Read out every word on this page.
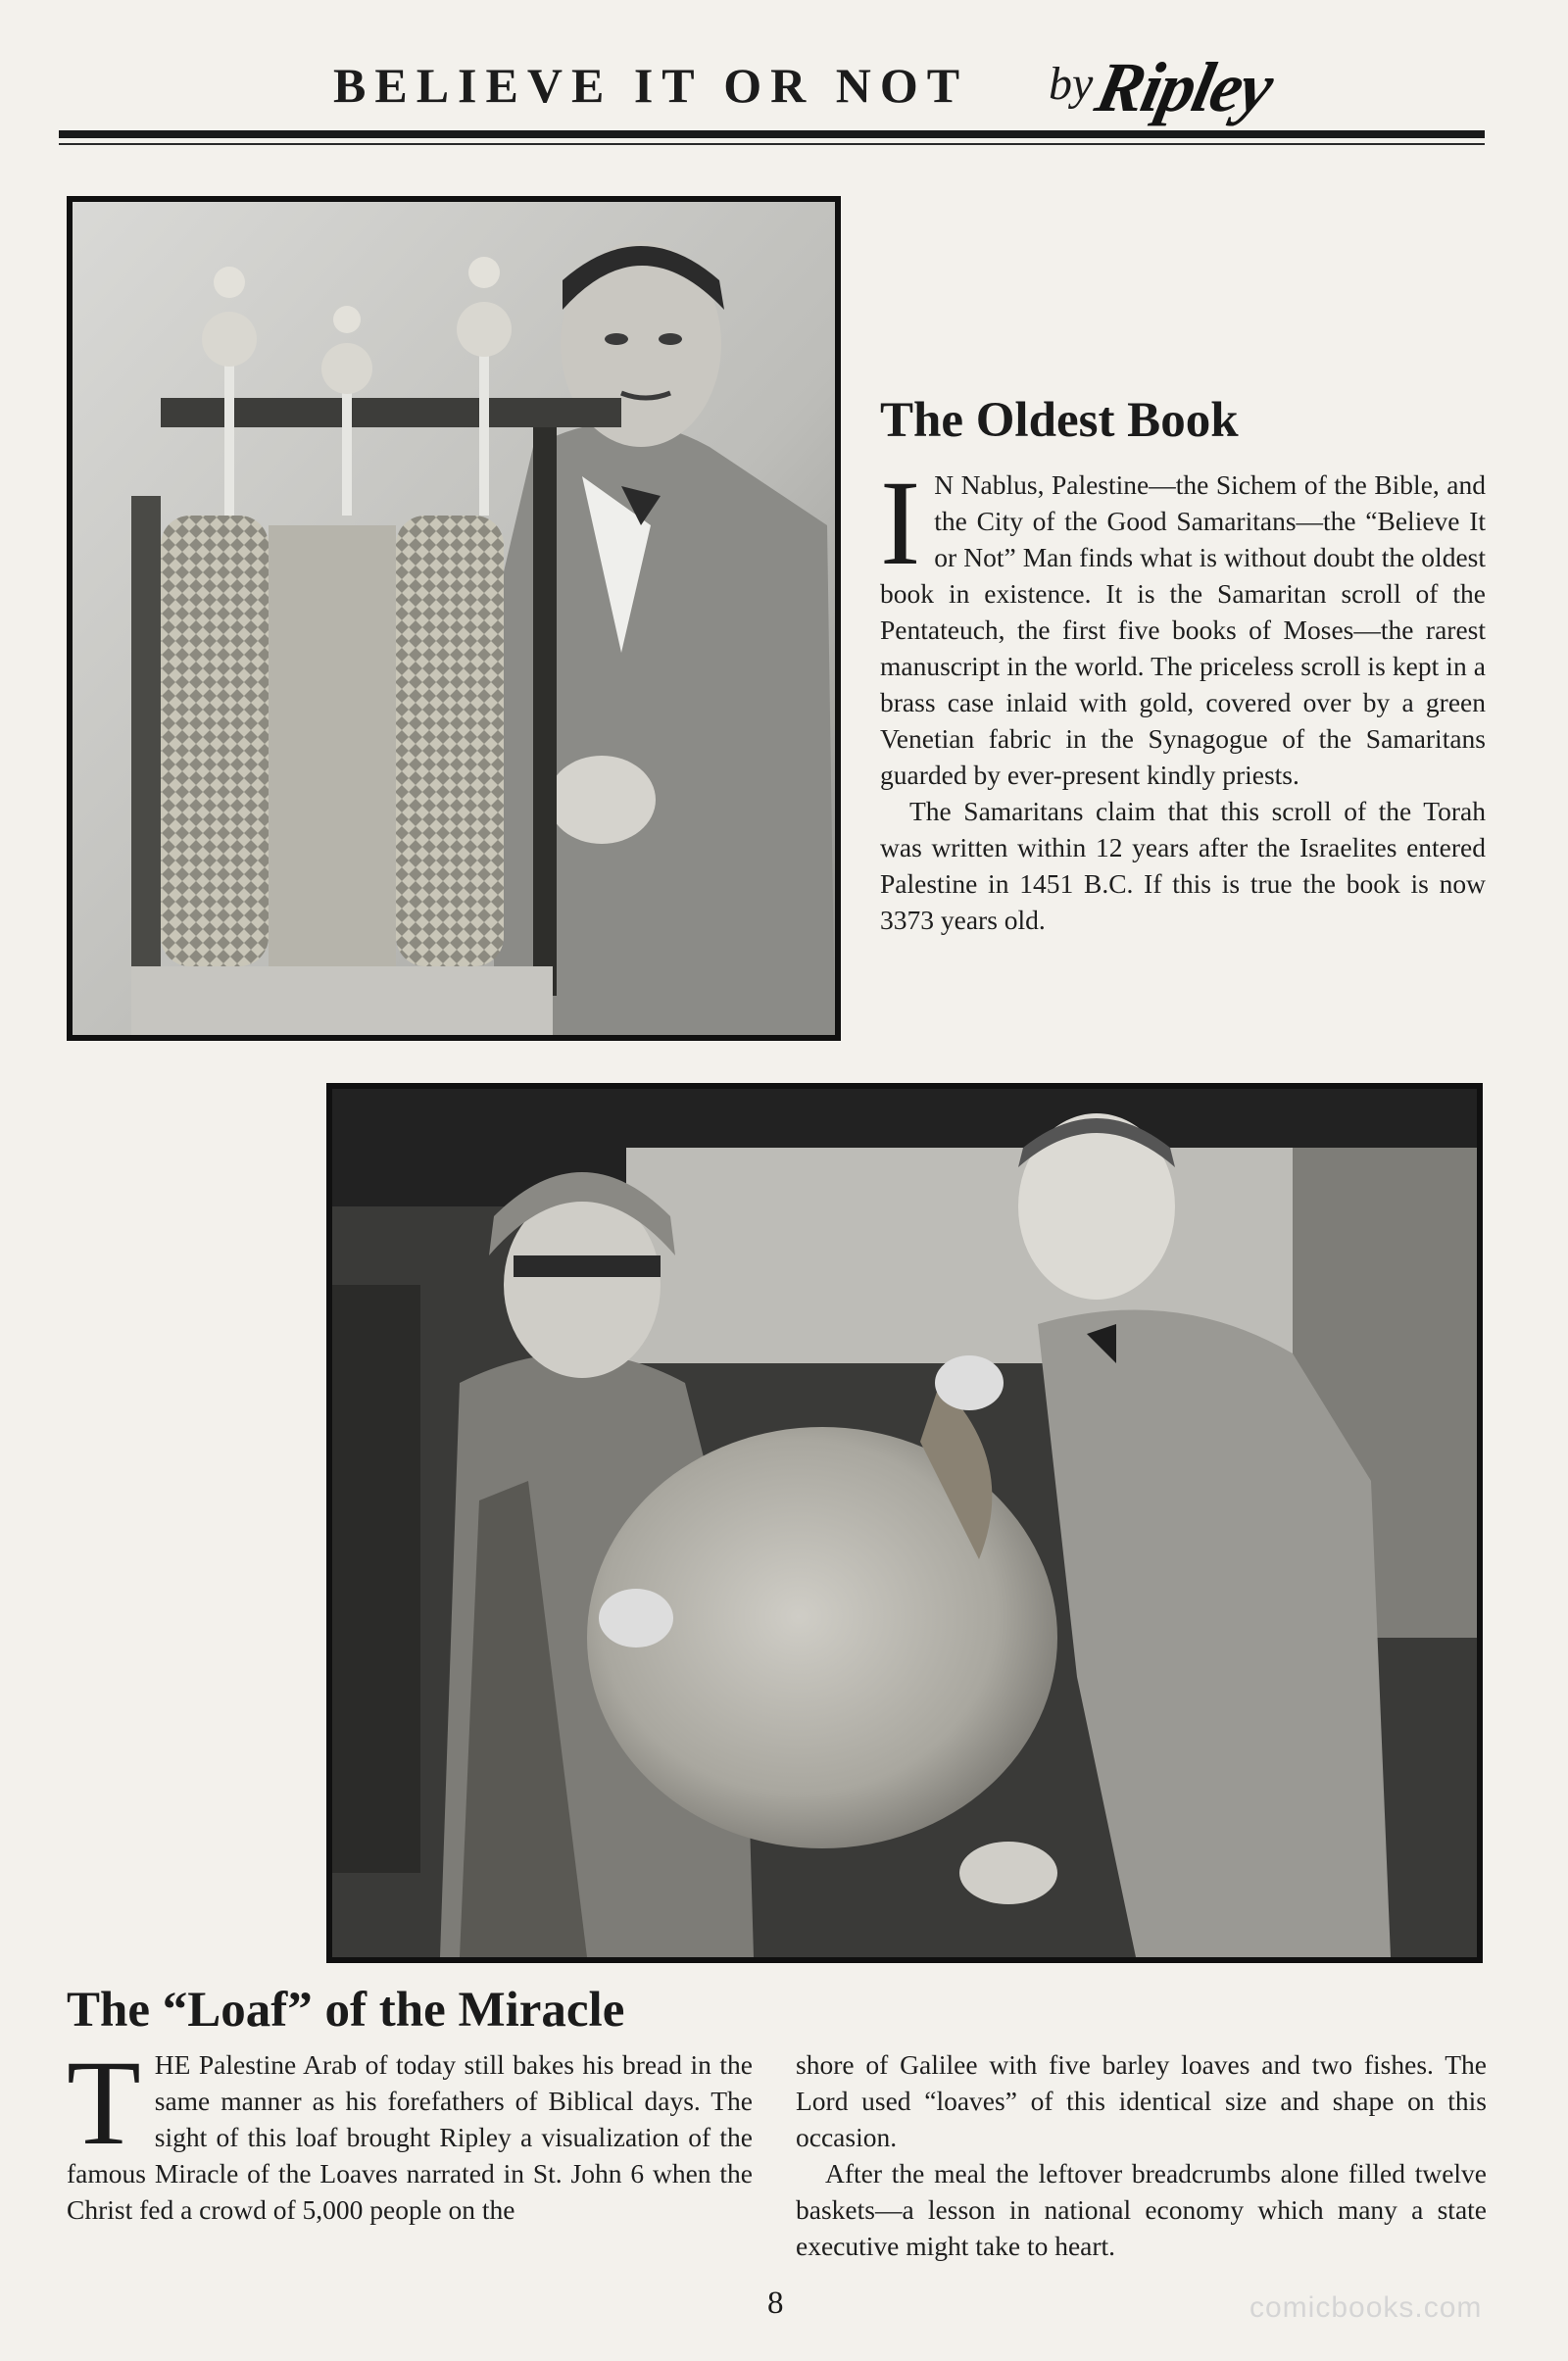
BELIEVE IT OR NOT by
Ripley
The Oldest Book

I N Nablus, Palestine—the Sichem of the Bible, and the City of the Good Samaritans—the “Believe It or Not” Man finds what is without doubt the oldest book in existence. It is the Samaritan scroll of the Pentateuch, the first five books of Moses—the rarest manuscript in the world. The priceless scroll is kept in a brass case inlaid with gold, covered over by a green Venetian fabric in the Synagogue of the Samaritans guarded by ever-present kindly priests.

The Samaritans claim that this scroll of the Torah was written within 12 years after the Israelites entered Palestine in 1451 B.C. If this is true the book is now 3373 years old.

The “Loaf” of the Miracle

THE Palestine Arab of today still bakes his bread in the same manner as his forefathers of Biblical days. The sight of this loaf brought Ripley a visualization of the famous Miracle of the Loaves narrated in St. John 6 when the Christ fed a crowd of 5,000 people on the

shore of Galilee with five barley loaves and two fishes. The Lord used “loaves” of this identical size and shape on this occasion.

After the meal the leftover breadcrumbs alone filled twelve baskets—a lesson in national economy which many a state executive might take to heart.

8	comicbooks.com
